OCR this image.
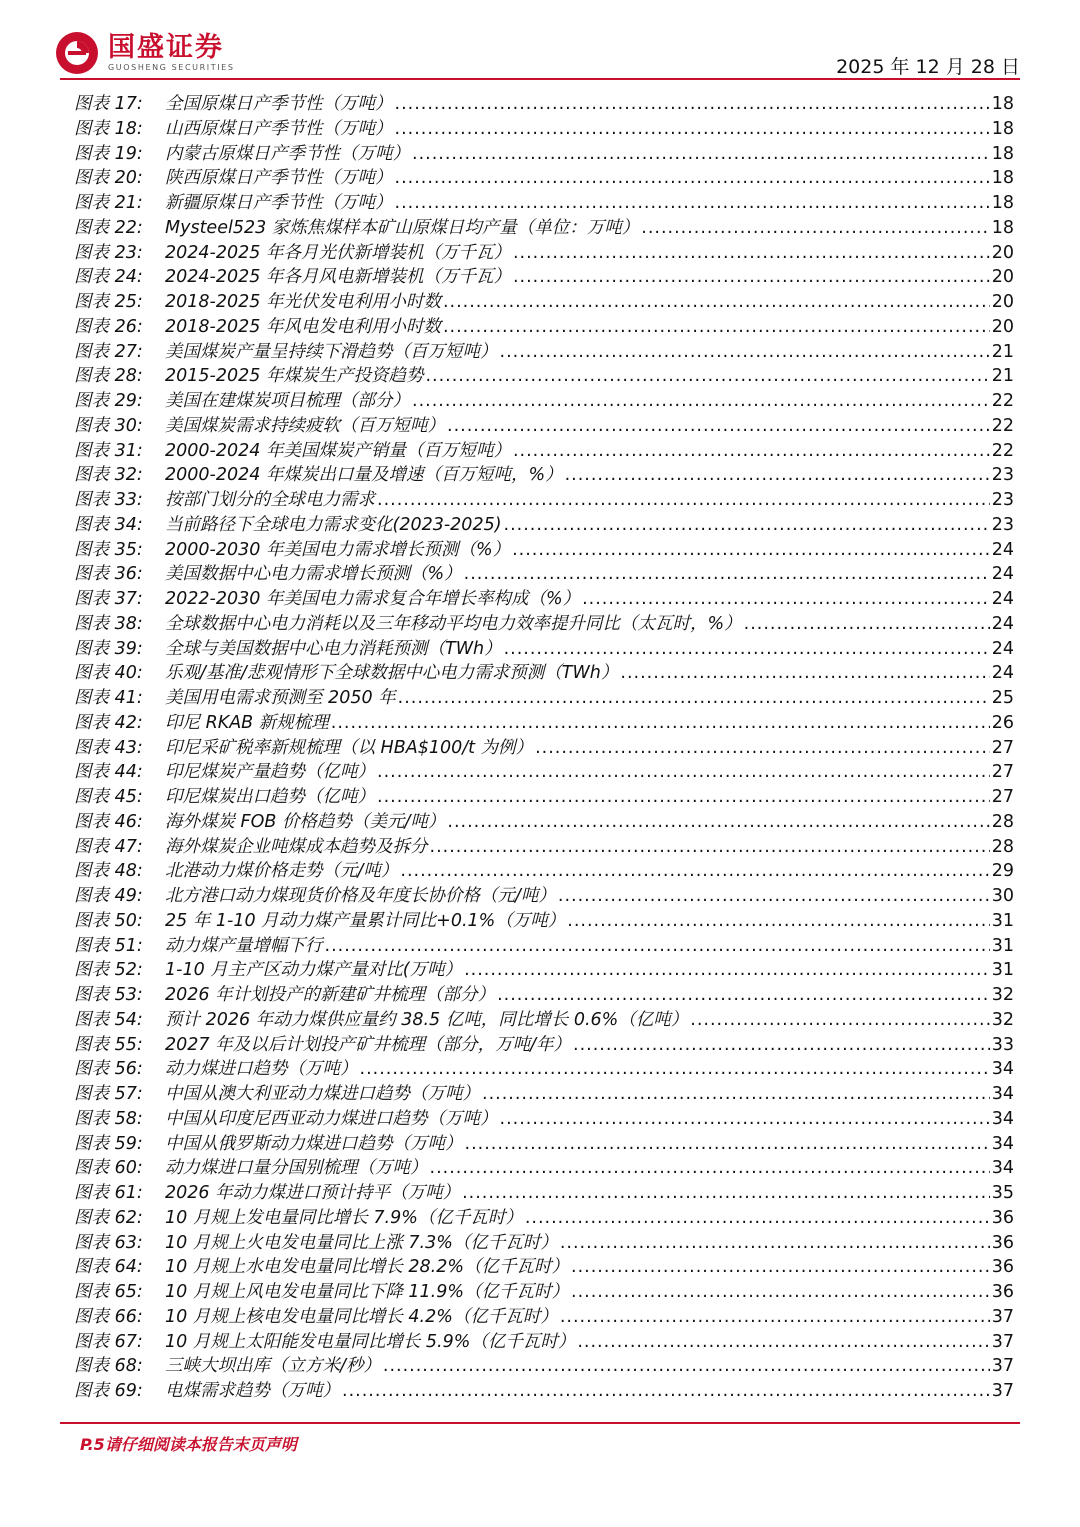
国盛证券
GUOSHENG SECURITIES	2025 年 12 月 28 日
图表 17:	全国原煤日产季节性（万吨） .....	18
图表 18:	山西原煤日产季节性（万吨） .....	18
图表 19:	内蒙古原煤日产季节性（万吨） .....	18
图表 20:	陕西原煤日产季节性（万吨） .....	18
图表 21:	新疆原煤日产季节性（万吨） .....	18
图表 22:	Mysteel523 家炼焦煤样本矿山原煤日均产量（单位：万吨） .....	18
图表 23:	2024-2025 年各月光伏新增装机（万千瓦） .....	20
图表 24:	2024-2025 年各月风电新增装机（万千瓦） .....	20
图表 25:	2018-2025 年光伏发电利用小时数 .....	20
图表 26:	2018-2025 年风电发电利用小时数 .....	20
图表 27:	美国煤炭产量呈持续下滑趋势（百万短吨） .....	21
图表 28:	2015-2025 年煤炭生产投资趋势 .....	21
图表 29:	美国在建煤炭项目梳理（部分） .....	22
图表 30:	美国煤炭需求持续疲软（百万短吨） .....	22
图表 31:	2000-2024 年美国煤炭产销量（百万短吨） .....	22
图表 32:	2000-2024 年煤炭出口量及增速（百万短吨，%） .....	23
图表 33:	按部门划分的全球电力需求 .....	23
图表 34:	当前路径下全球电力需求变化(2023-2025) .....	23
图表 35:	2000-2030 年美国电力需求增长预测（%） .....	24
图表 36:	美国数据中心电力需求增长预测（%） .....	24
图表 37:	2022-2030 年美国电力需求复合年增长率构成（%） .....	24
图表 38:	全球数据中心电力消耗以及三年移动平均电力效率提升同比（太瓦时，%） .....	24
图表 39:	全球与美国数据中心电力消耗预测（TWh） .....	24
图表 40:	乐观/基准/悲观情形下全球数据中心电力需求预测（TWh） .....	24
图表 41:	美国用电需求预测至 2050 年 .....	25
图表 42:	印尼 RKAB 新规梳理 .....	26
图表 43:	印尼采矿税率新规梳理（以 HBA$100/t 为例） .....	27
图表 44:	印尼煤炭产量趋势（亿吨） .....	27
图表 45:	印尼煤炭出口趋势（亿吨） .....	27
图表 46:	海外煤炭 FOB 价格趋势（美元/吨） .....	28
图表 47:	海外煤炭企业吨煤成本趋势及拆分 .....	28
图表 48:	北港动力煤价格走势（元/吨） .....	29
图表 49:	北方港口动力煤现货价格及年度长协价格（元/吨） .....	30
图表 50:	25 年 1-10 月动力煤产量累计同比+0.1%（万吨） .....	31
图表 51:	动力煤产量增幅下行 .....	31
图表 52:	1-10 月主产区动力煤产量对比(万吨） .....	31
图表 53:	2026 年计划投产的新建矿井梳理（部分） .....	32
图表 54:	预计 2026 年动力煤供应量约 38.5 亿吨，同比增长 0.6%（亿吨） .....	32
图表 55:	2027 年及以后计划投产矿井梳理（部分，万吨/年） .....	33
图表 56:	动力煤进口趋势（万吨） .....	34
图表 57:	中国从澳大利亚动力煤进口趋势（万吨） .....	34
图表 58:	中国从印度尼西亚动力煤进口趋势（万吨） .....	34
图表 59:	中国从俄罗斯动力煤进口趋势（万吨） .....	34
图表 60:	动力煤进口量分国别梳理（万吨） .....	34
图表 61:	2026 年动力煤进口预计持平（万吨） .....	35
图表 62:	10 月规上发电量同比增长 7.9%（亿千瓦时） .....	36
图表 63:	10 月规上火电发电量同比上涨 7.3%（亿千瓦时） .....	36
图表 64:	10 月规上水电发电量同比增长 28.2%（亿千瓦时） .....	36
图表 65:	10 月规上风电发电量同比下降 11.9%（亿千瓦时） .....	36
图表 66:	10 月规上核电发电量同比增长 4.2%（亿千瓦时） .....	37
图表 67:	10 月规上太阳能发电量同比增长 5.9%（亿千瓦时） .....	37
图表 68:	三峡大坝出库（立方米/秒） .....	37
图表 69:	电煤需求趋势（万吨） .....	37
P.5请仔细阅读本报告末页声明
